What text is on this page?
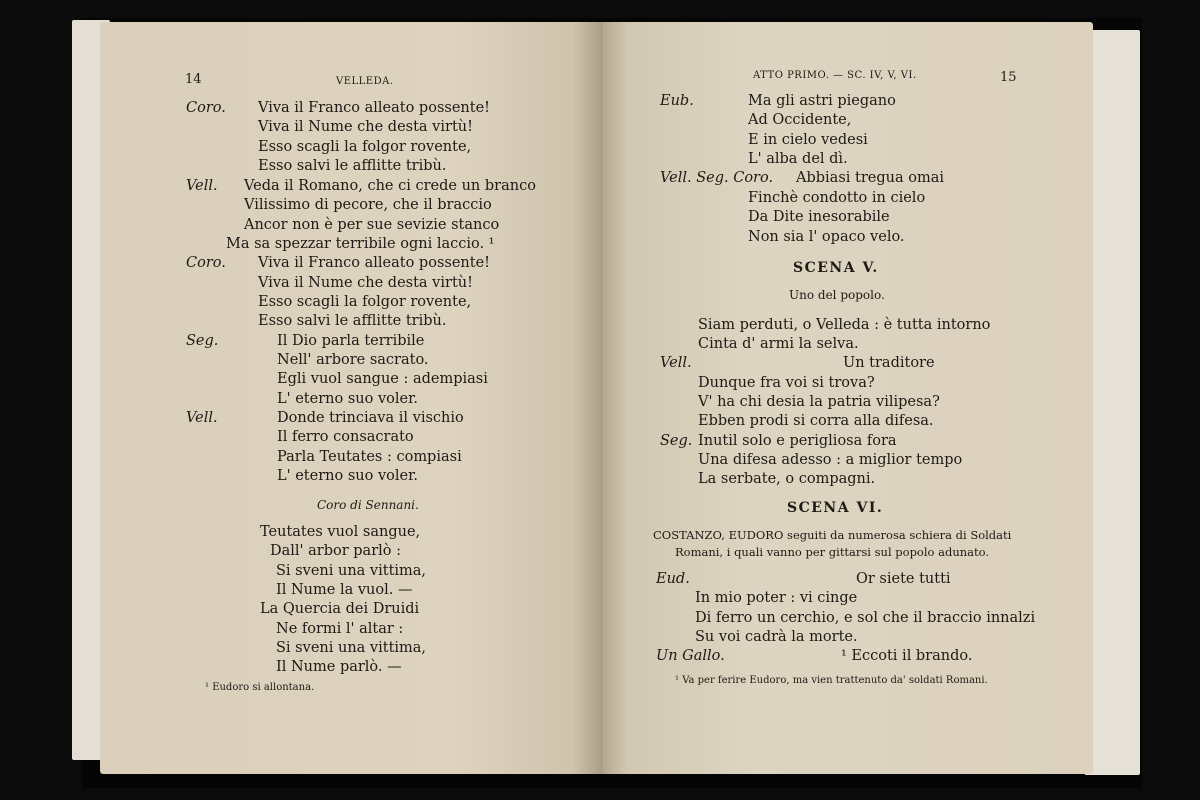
14	VELLEDA.
Coro. Viva il Franco alleato possente!
Viva il Nume che desta virtù!
Esso scagli la folgor rovente,
Esso salvi le afflitte tribù.
Vell. Veda il Romano, che ci crede un branco
Vilissimo di pecore, che il braccio
Ancor non è per sue sevizie stanco
Ma sa spezzar terribile ogni laccio. ¹
Coro. Viva il Franco alleato possente!
Viva il Nume che desta virtù!
Esso scagli la folgor rovente,
Esso salvi le afflitte tribù.
Seg.	Il Dio parla terribile
Nell' arbore sacrato.
Egli vuol sangue : adempiasi
L' eterno suo voler.
Vell.	Donde trinciava il vischio
Il ferro consacrato
Parla Teutates : compiasi
L' eterno suo voler.
Coro di Sennani.
Teutates vuol sangue,
Dall' arbor parlò :
Si sveni una vittima,
Il Nume la vuol. —
La Quercia dei Druidi
Ne formi l' altar :
Si sveni una vittima,
Il Nume parlò. —
¹ Eudoro si allontana.
ATTO PRIMO. — SC. IV, V, VI.	15
Eub.	Ma gli astri piegano
Ad Occidente,
E in cielo vedesi
L' alba del dì.
Vell. Seg. Coro. Abbiasi tregua omai
Finchè condotto in cielo
Da Dite inesorabile
Non sia l' opaco velo.
SCENA V.
Uno del popolo.
Siam perduti, o Velleda : è tutta intorno
Cinta d' armi la selva.
Vell.	Un traditore
Dunque fra voi si trova?
V' ha chi desia la patria vilipesa?
Ebben prodi si corra alla difesa.
Seg. Inutil solo e perigliosa fora
Una difesa adesso : a miglior tempo
La serbate, o compagni.
SCENA VI.
COSTANZO, EUDORO seguiti da numerosa schiera di Soldati
Romani, i quali vanno per gittarsi sul popolo adunato.
Eud.	Or siete tutti
In mio poter : vi cinge
Di ferro un cerchio, e sol che il braccio innalzi
Su voi cadrà la morte.
Un Gallo.	¹ Eccoti il brando.
¹ Va per ferire Eudoro, ma vien trattenuto da' soldati Romani.
